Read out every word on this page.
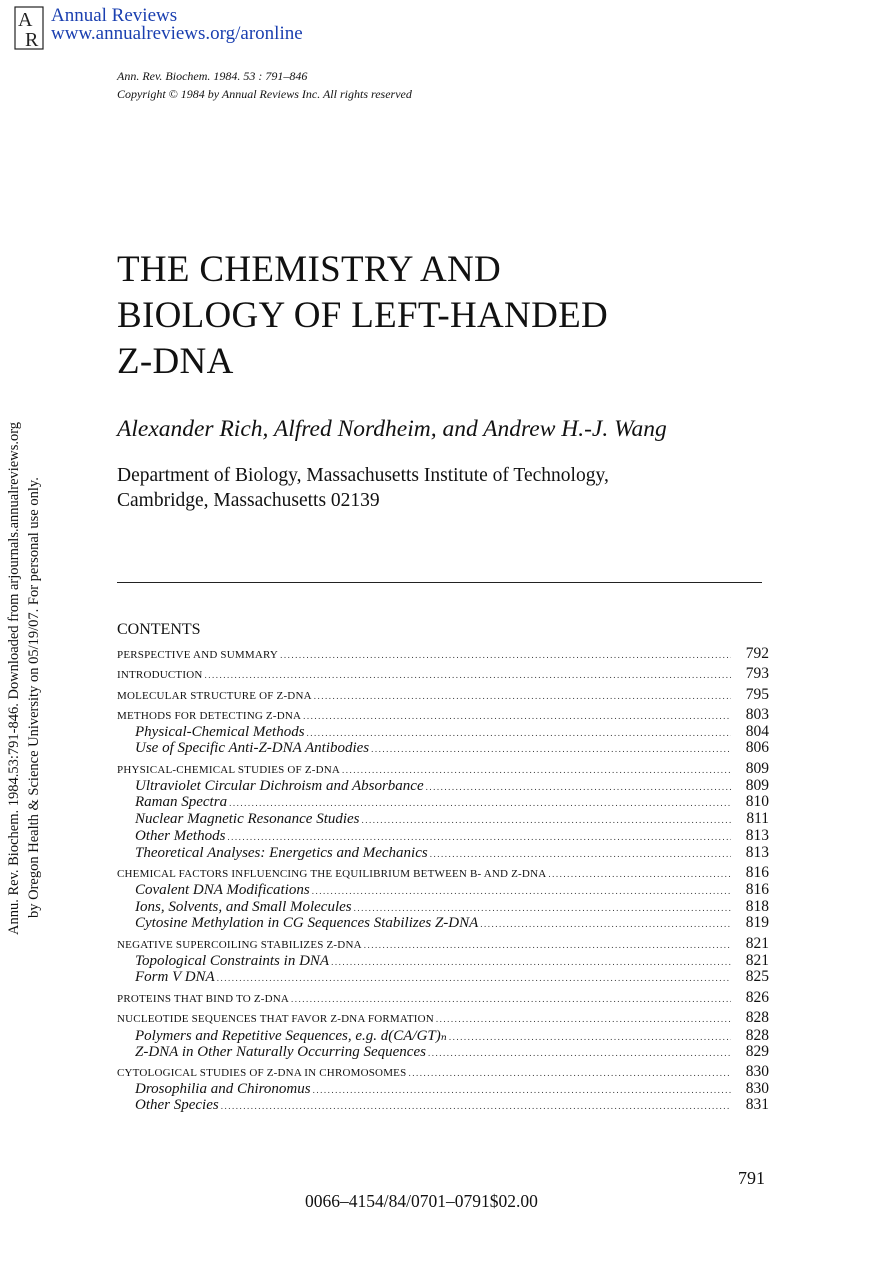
A
R
Annual Reviews
www.annualreviews.org/aronline
Annu. Rev. Biochem. 1984.53:791-846. Downloaded from arjournals.annualreviews.org by Oregon Health & Science University on 05/19/07. For personal use only.
Ann. Rev. Biochem. 1984. 53 : 791–846
Copyright © 1984 by Annual Reviews Inc. All rights reserved
THE CHEMISTRY AND
BIOLOGY OF LEFT-HANDED
Z-DNA
Alexander Rich, Alfred Nordheim, and Andrew H.-J. Wang
Department of Biology, Massachusetts Institute of Technology,
Cambridge, Massachusetts 02139
CONTENTS
PERSPECTIVE AND SUMMARY .....	792
INTRODUCTION .....	793
MOLECULAR STRUCTURE OF Z-DNA .....	795
METHODS FOR DETECTING Z-DNA .....	803
Physical-Chemical Methods .....	804
Use of Specific Anti-Z-DNA Antibodies .....	806
PHYSICAL-CHEMICAL STUDIES OF Z-DNA .....	809
Ultraviolet Circular Dichroism and Absorbance .....	809
Raman Spectra .....	810
Nuclear Magnetic Resonance Studies .....	811
Other Methods .....	813
Theoretical Analyses: Energetics and Mechanics .....	813
CHEMICAL FACTORS INFLUENCING THE EQUILIBRIUM BETWEEN B- AND Z-DNA .....	816
Covalent DNA Modifications .....	816
Ions, Solvents, and Small Molecules .....	818
Cytosine Methylation in CG Sequences Stabilizes Z-DNA .....	819
NEGATIVE SUPERCOILING STABILIZES Z-DNA .....	821
Topological Constraints in DNA .....	821
Form V DNA .....	825
PROTEINS THAT BIND TO Z-DNA .....	826
NUCLEOTIDE SEQUENCES THAT FAVOR Z-DNA FORMATION .....	828
Polymers and Repetitive Sequences, e.g. d(CA/GT)ₙ .....	828
Z-DNA in Other Naturally Occurring Sequences .....	829
CYTOLOGICAL STUDIES OF Z-DNA IN CHROMOSOMES .....	830
Drosophilia and Chironomus .....	830
Other Species .....	831
791
0066–4154/84/0701–0791$02.00
